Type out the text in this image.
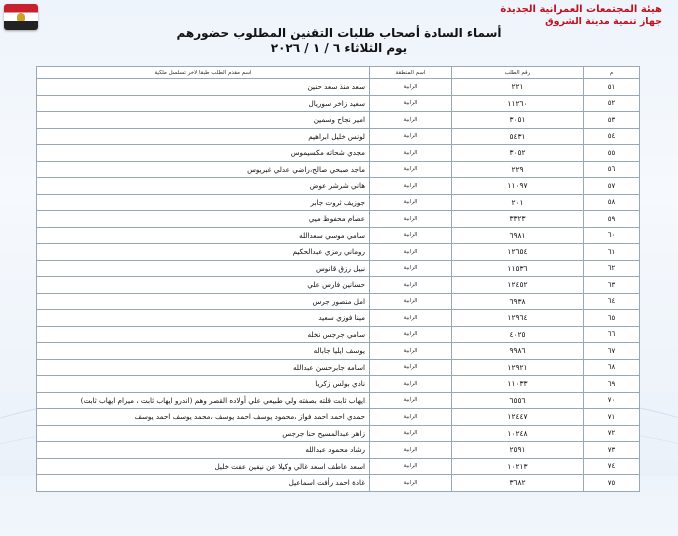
هيئة المجتمعات العمرانية الجديدة
جهاز تنمية مدينة الشروق
أسماء السادة أصحاب طلبات التقنين المطلوب حضورهم
يوم الثلاثاء ٦ / ١ / ٢٠٢٦
م	رقم الطلب	اسم المنطقة	اسم مقدم الطلب طبقا لاخر تسلسل ملكية
٥١	٢٢١	الرابية	سعد منذ سعد حنين
٥٢	١١٢٦٠	الرابية	سعيد زاخر سوريال
٥٣	٣٠٥١	الرابية	امير نجاح وسمين
٥٤	٥٤٣١	الرابية	لونس خليل ابراهيم
٥٥	٣٠٥٢	الرابية	مجدي شحاته مكسيموس
٥٦	٢٢٩	الرابية	ماجد صبحي صالح،راضي عدلي غبريوس
٥٧	١١٠٩٧	الرابية	هاني شرشر عوض
٥٨	٢٠١	الرابية	جوزيف ثروت جابر
٥٩	٣٣٢٣	الرابية	عصام محفوظ ميي
٦٠	٦٩٨١	الرابية	سامي موسي سعدالله
٦١	١٢٦٥٤	الرابية	روماني رمزي عبدالحكيم
٦٢	١١٥٣٦	الرابية	نبيل رزق قانوس
٦٣	١٢٤٥٢	الرابية	حسانين فارس علي
٦٤	٦٩٣٨	الرابية	امل منصور جرس
٦٥	١٢٩٦٤	الرابية	مينا فوزي سعيد
٦٦	٤٠٢٥	الرابية	سامي جرجس نخله
٦٧	٩٩٨٦	الرابية	يوسف ايليا جاباله
٦٨	١٢٩٢١	الرابية	اسامه جابرحسن عبدالله
٦٩	١١٠٣٣	الرابية	نادي بولس زكريا
٧٠	٦٥٥٦	الرابية	ايهاب ثابت قلته بصفته ولي طبيعي علي أولاده القصر وهم (اندرو ايهاب ثابت ، ميرام ايهاب ثابت)
٧١	١٢٤٤٧	الرابية	حمدي احمد احمد فواز ،محمود يوسف احمد يوسف ،محمد يوسف احمد يوسف
٧٢	١٠٢٤٨	الرابية	زاهر عبدالمسيح حنا جرجس
٧٣	٢٥٩١	الرابية	رشاد محمود عبدالله
٧٤	١٠٢١٣	الرابية	اسعد عاطف اسعد غالي وكيلا عن نيفين عفت خليل
٧٥	٣٦٨٢	الرابية	غادة احمد رأفت اسماعيل
